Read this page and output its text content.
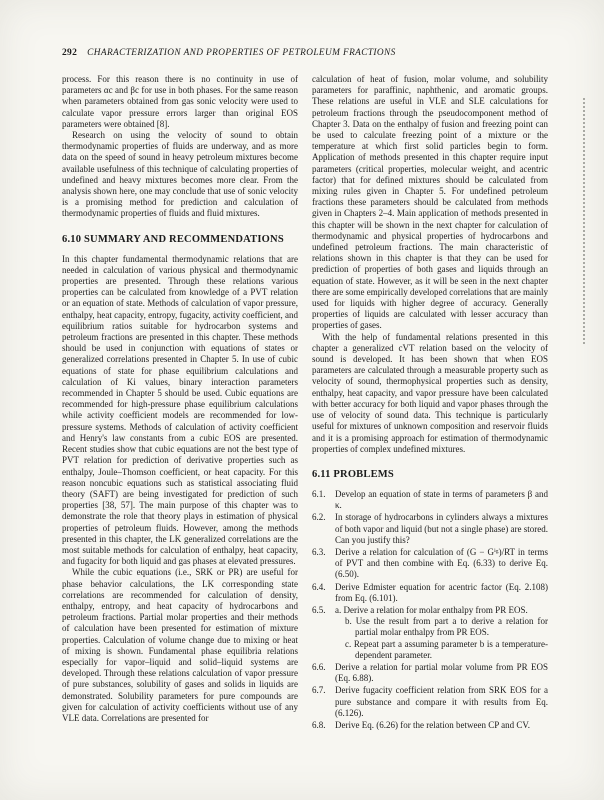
292 CHARACTERIZATION AND PROPERTIES OF PETROLEUM FRACTIONS

process. For this reason there is no continuity in use of parameters αc and βc for use in both phases. For the same reason when parameters obtained from gas sonic velocity were used to calculate vapor pressure errors larger than original EOS parameters were obtained [8].

Research on using the velocity of sound to obtain thermodynamic properties of fluids are underway, and as more data on the speed of sound in heavy petroleum mixtures become available usefulness of this technique of calculating properties of undefined and heavy mixtures becomes more clear. From the analysis shown here, one may conclude that use of sonic velocity is a promising method for prediction and calculation of thermodynamic properties of fluids and fluid mixtures.

6.10 SUMMARY AND RECOMMENDATIONS

In this chapter fundamental thermodynamic relations that are needed in calculation of various physical and thermodynamic properties are presented. Through these relations various properties can be calculated from knowledge of a PVT relation or an equation of state. Methods of calculation of vapor pressure, enthalpy, heat capacity, entropy, fugacity, activity coefficient, and equilibrium ratios suitable for hydrocarbon systems and petroleum fractions are presented in this chapter. These methods should be used in conjunction with equations of states or generalized correlations presented in Chapter 5. In use of cubic equations of state for phase equilibrium calculations and calculation of Ki values, binary interaction parameters recommended in Chapter 5 should be used. Cubic equations are recommended for high-pressure phase equilibrium calculations while activity coefficient models are recommended for low-pressure systems. Methods of calculation of activity coefficient and Henry's law constants from a cubic EOS are presented. Recent studies show that cubic equations are not the best type of PVT relation for prediction of derivative properties such as enthalpy, Joule–Thomson coefficient, or heat capacity. For this reason noncubic equations such as statistical associating fluid theory (SAFT) are being investigated for prediction of such properties [38, 57]. The main purpose of this chapter was to demonstrate the role that theory plays in estimation of physical properties of petroleum fluids. However, among the methods presented in this chapter, the LK generalized correlations are the most suitable methods for calculation of enthalpy, heat capacity, and fugacity for both liquid and gas phases at elevated pressures.

While the cubic equations (i.e., SRK or PR) are useful for phase behavior calculations, the LK corresponding state correlations are recommended for calculation of density, enthalpy, entropy, and heat capacity of hydrocarbons and petroleum fractions. Partial molar properties and their methods of calculation have been presented for estimation of mixture properties. Calculation of volume change due to mixing or heat of mixing is shown. Fundamental phase equilibria relations especially for vapor–liquid and solid–liquid systems are developed. Through these relations calculation of vapor pressure of pure substances, solubility of gases and solids in liquids are demonstrated. Solubility parameters for pure compounds are given for calculation of activity coefficients without use of any VLE data. Correlations are presented for

calculation of heat of fusion, molar volume, and solubility parameters for paraffinic, naphthenic, and aromatic groups. These relations are useful in VLE and SLE calculations for petroleum fractions through the pseudocomponent method of Chapter 3. Data on the enthalpy of fusion and freezing point can be used to calculate freezing point of a mixture or the temperature at which first solid particles begin to form. Application of methods presented in this chapter require input parameters (critical properties, molecular weight, and acentric factor) that for defined mixtures should be calculated from mixing rules given in Chapter 5. For undefined petroleum fractions these parameters should be calculated from methods given in Chapters 2–4. Main application of methods presented in this chapter will be shown in the next chapter for calculation of thermodynamic and physical properties of hydrocarbons and undefined petroleum fractions. The main characteristic of relations shown in this chapter is that they can be used for prediction of properties of both gases and liquids through an equation of state. However, as it will be seen in the next chapter there are some empirically developed correlations that are mainly used for liquids with higher degree of accuracy. Generally properties of liquids are calculated with lesser accuracy than properties of gases.

With the help of fundamental relations presented in this chapter a generalized cVT relation based on the velocity of sound is developed. It has been shown that when EOS parameters are calculated through a measurable property such as velocity of sound, thermophysical properties such as density, enthalpy, heat capacity, and vapor pressure have been calculated with better accuracy for both liquid and vapor phases through the use of velocity of sound data. This technique is particularly useful for mixtures of unknown composition and reservoir fluids and it is a promising approach for estimation of thermodynamic properties of complex undefined mixtures.

6.11 PROBLEMS
6.1. Develop an equation of state in terms of parameters β and κ.
6.2. In storage of hydrocarbons in cylinders always a mixtures of both vapor and liquid (but not a single phase) are stored. Can you justify this?
6.3. Derive a relation for calculation of (G − Gⁱᵍ)/RT in terms of PVT and then combine with Eq. (6.33) to derive Eq. (6.50).
6.4. Derive Edmister equation for acentric factor (Eq. 2.108) from Eq. (6.101).
6.5. a. Derive a relation for molar enthalpy from PR EOS.
b. Use the result from part a to derive a relation for partial molar enthalpy from PR EOS.
c. Repeat part a assuming parameter b is a temperature-dependent parameter.
6.6. Derive a relation for partial molar volume from PR EOS (Eq. 6.88).
6.7. Derive fugacity coefficient relation from SRK EOS for a pure substance and compare it with results from Eq. (6.126).
6.8. Derive Eq. (6.26) for the relation between CP and CV.
